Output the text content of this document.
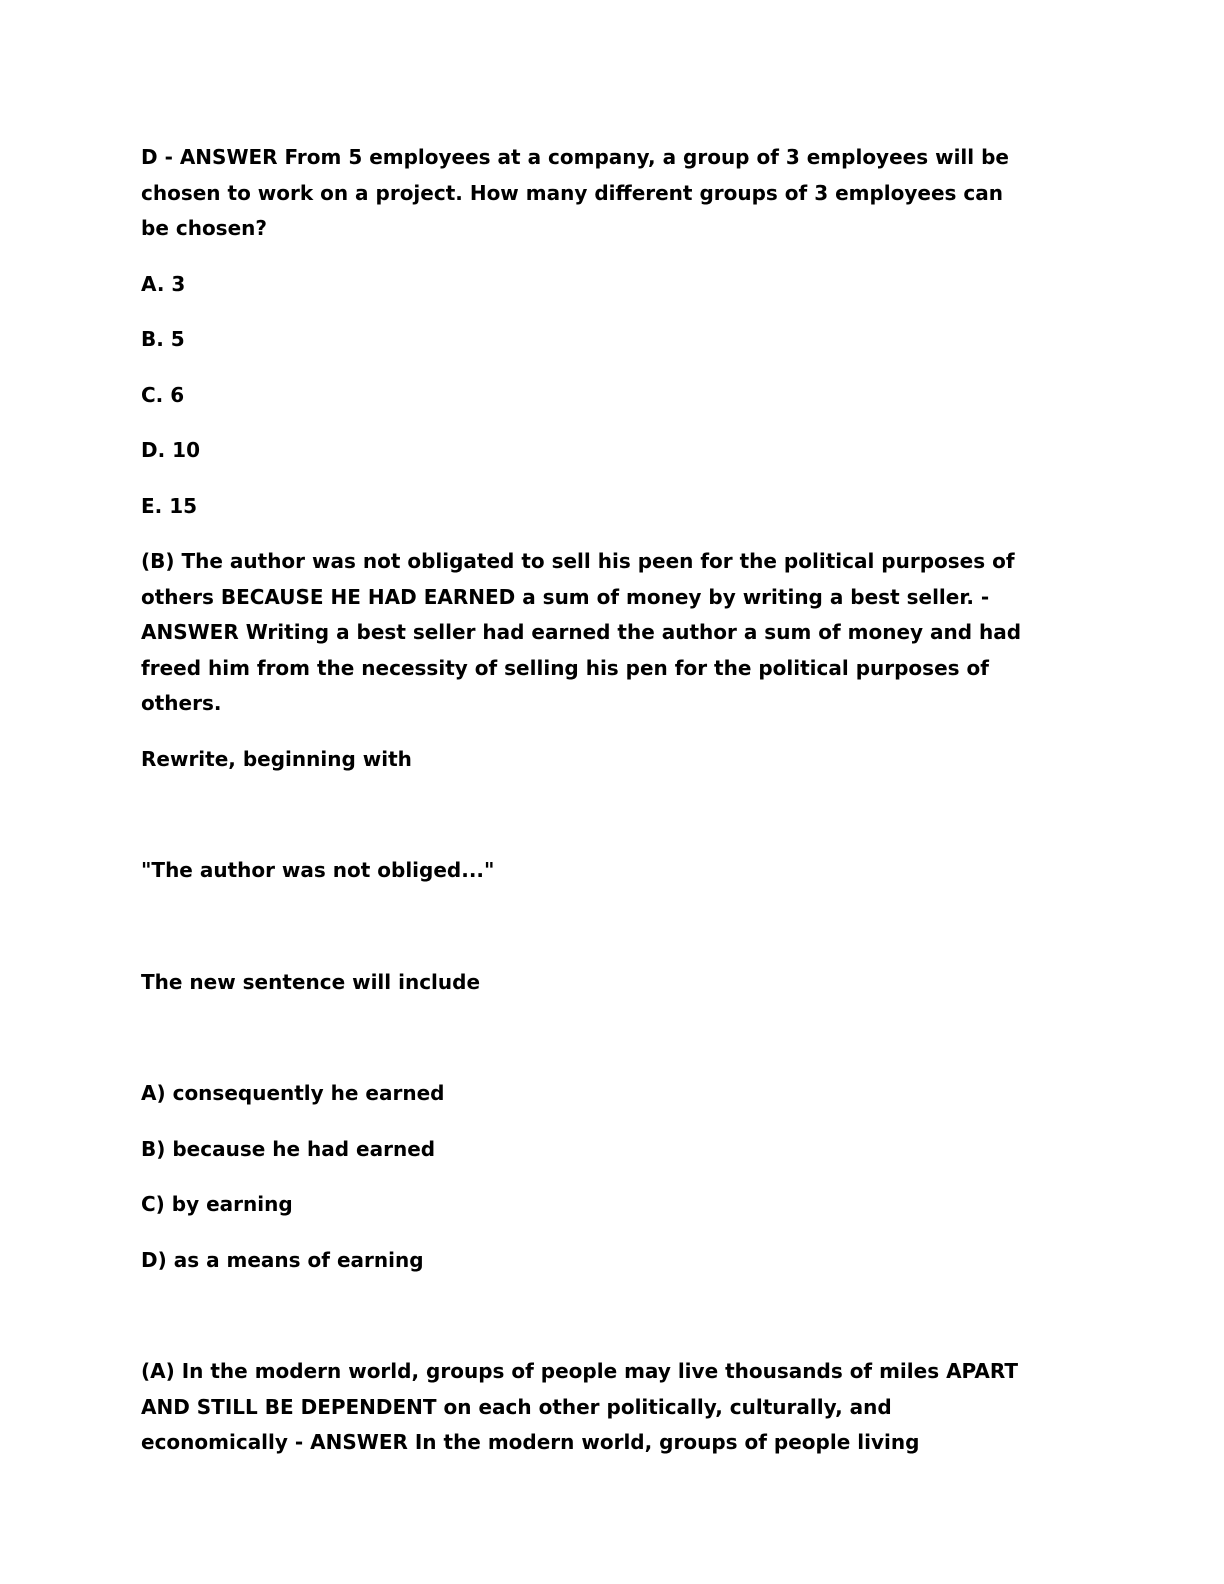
D - ANSWER From 5 employees at a company, a group of 3 employees will be
chosen to work on a project. How many different groups of 3 employees can
be chosen?

A. 3

B. 5

C. 6

D. 10

E. 15

(B) The author was not obligated to sell his peen for the political purposes of
others BECAUSE HE HAD EARNED a sum of money by writing a best seller. -
ANSWER Writing a best seller had earned the author a sum of money and had
freed him from the necessity of selling his pen for the political purposes of
others.

Rewrite, beginning with

"The author was not obliged..."

The new sentence will include

A) consequently he earned

B) because he had earned

C) by earning

D) as a means of earning

(A) In the modern world, groups of people may live thousands of miles APART
AND STILL BE DEPENDENT on each other politically, culturally, and
economically - ANSWER In the modern world, groups of people living
